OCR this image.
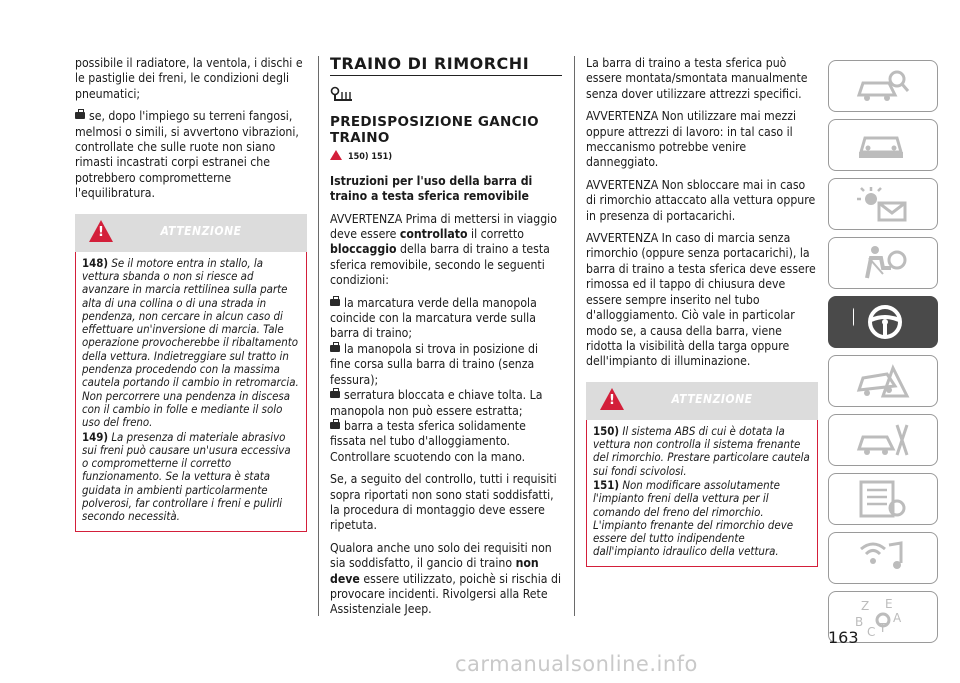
possibile il radiatore, la ventola, i dischi e le pastiglie dei freni, le condizioni degli pneumatici;

se, dopo l'impiego su terreni fangosi, melmosi o simili, si avvertono vibrazioni, controllate che sulle ruote non siano rimasti incastrati corpi estranei che potrebbero comprometterne l'equilibratura.

!
ATTENZIONE

148) Se il motore entra in stallo, la vettura sbanda o non si riesce ad avanzare in marcia rettilinea sulla parte alta di una collina o di una strada in pendenza, non cercare in alcun caso di effettuare un'inversione di marcia. Tale operazione provocherebbe il ribaltamento della vettura. Indietreggiare sul tratto in pendenza procedendo con la massima cautela portando il cambio in retromarcia. Non percorrere una pendenza in discesa con il cambio in folle e mediante il solo uso del freno.

149) La presenza di materiale abrasivo sui freni può causare un'usura eccessiva o comprometterne il corretto funzionamento. Se la vettura è stata guidata in ambienti particolarmente polverosi, far controllare i freni e pulirli secondo necessità.

TRAINO DI RIMORCHI
PREDISPOSIZIONE GANCIO TRAINO
150) 151)

Istruzioni per l'uso della barra di traino a testa sferica removibile

AVVERTENZA Prima di mettersi in viaggio deve essere controllato il corretto bloccaggio della barra di traino a testa sferica removibile, secondo le seguenti condizioni:

la marcatura verde della manopola coincide con la marcatura verde sulla barra di traino;

la manopola si trova in posizione di fine corsa sulla barra di traino (senza fessura);

serratura bloccata e chiave tolta. La manopola non può essere estratta;

barra a testa sferica solidamente fissata nel tubo d'alloggiamento. Controllare scuotendo con la mano.

Se, a seguito del controllo, tutti i requisiti sopra riportati non sono stati soddisfatti, la procedura di montaggio deve essere ripetuta.

Qualora anche uno solo dei requisiti non sia soddisfatto, il gancio di traino non deve essere utilizzato, poichè si rischia di provocare incidenti. Rivolgersi alla Rete Assistenziale Jeep.

La barra di traino a testa sferica può essere montata/smontata manualmente senza dover utilizzare attrezzi specifici.

AVVERTENZA Non utilizzare mai mezzi oppure attrezzi di lavoro: in tal caso il meccanismo potrebbe venire danneggiato.

AVVERTENZA Non sbloccare mai in caso di rimorchio attaccato alla vettura oppure in presenza di portacarichi.

AVVERTENZA In caso di marcia senza rimorchio (oppure senza portacarichi), la barra di traino a testa sferica deve essere rimossa ed il tappo di chiusura deve essere sempre inserito nel tubo d'alloggiamento. Ciò vale in particolar modo se, a causa della barra, viene ridotta la visibilità della targa oppure dell'impianto di illuminazione.

!
ATTENZIONE

150) Il sistema ABS di cui è dotata la vettura non controlla il sistema frenante del rimorchio. Prestare particolare cautela sui fondi scivolosi.

151) Non modificare assolutamente l'impianto freni della vettura per il comando del freno del rimorchio. L'impianto frenante del rimorchio deve essere del tutto indipendente dall'impianto idraulico della vettura.

Z E
B A
C T
163
carmanualsonline.info
